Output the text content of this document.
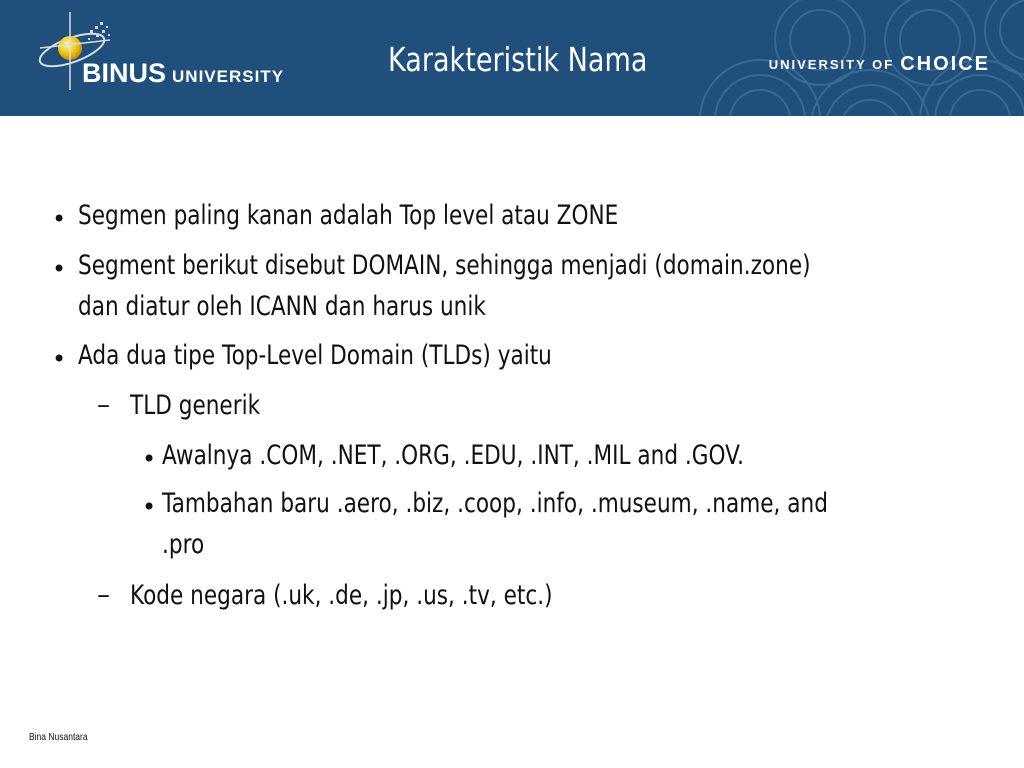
BINUS UNIVERSITY	Karakteristik Nama	UNIVERSITY OF CHOICE
• Segmen paling kanan adalah Top level atau ZONE
• Segment berikut disebut DOMAIN, sehingga menjadi (domain.zone)
dan diatur oleh ICANN dan harus unik
• Ada dua tipe Top-Level Domain (TLDs) yaitu
– TLD generik
• Awalnya .COM, .NET, .ORG, .EDU, .INT, .MIL and .GOV.
• Tambahan baru .aero, .biz, .coop, .info, .museum, .name, and
.pro
– Kode negara (.uk, .de, .jp, .us, .tv, etc.)
Bina Nusantara
